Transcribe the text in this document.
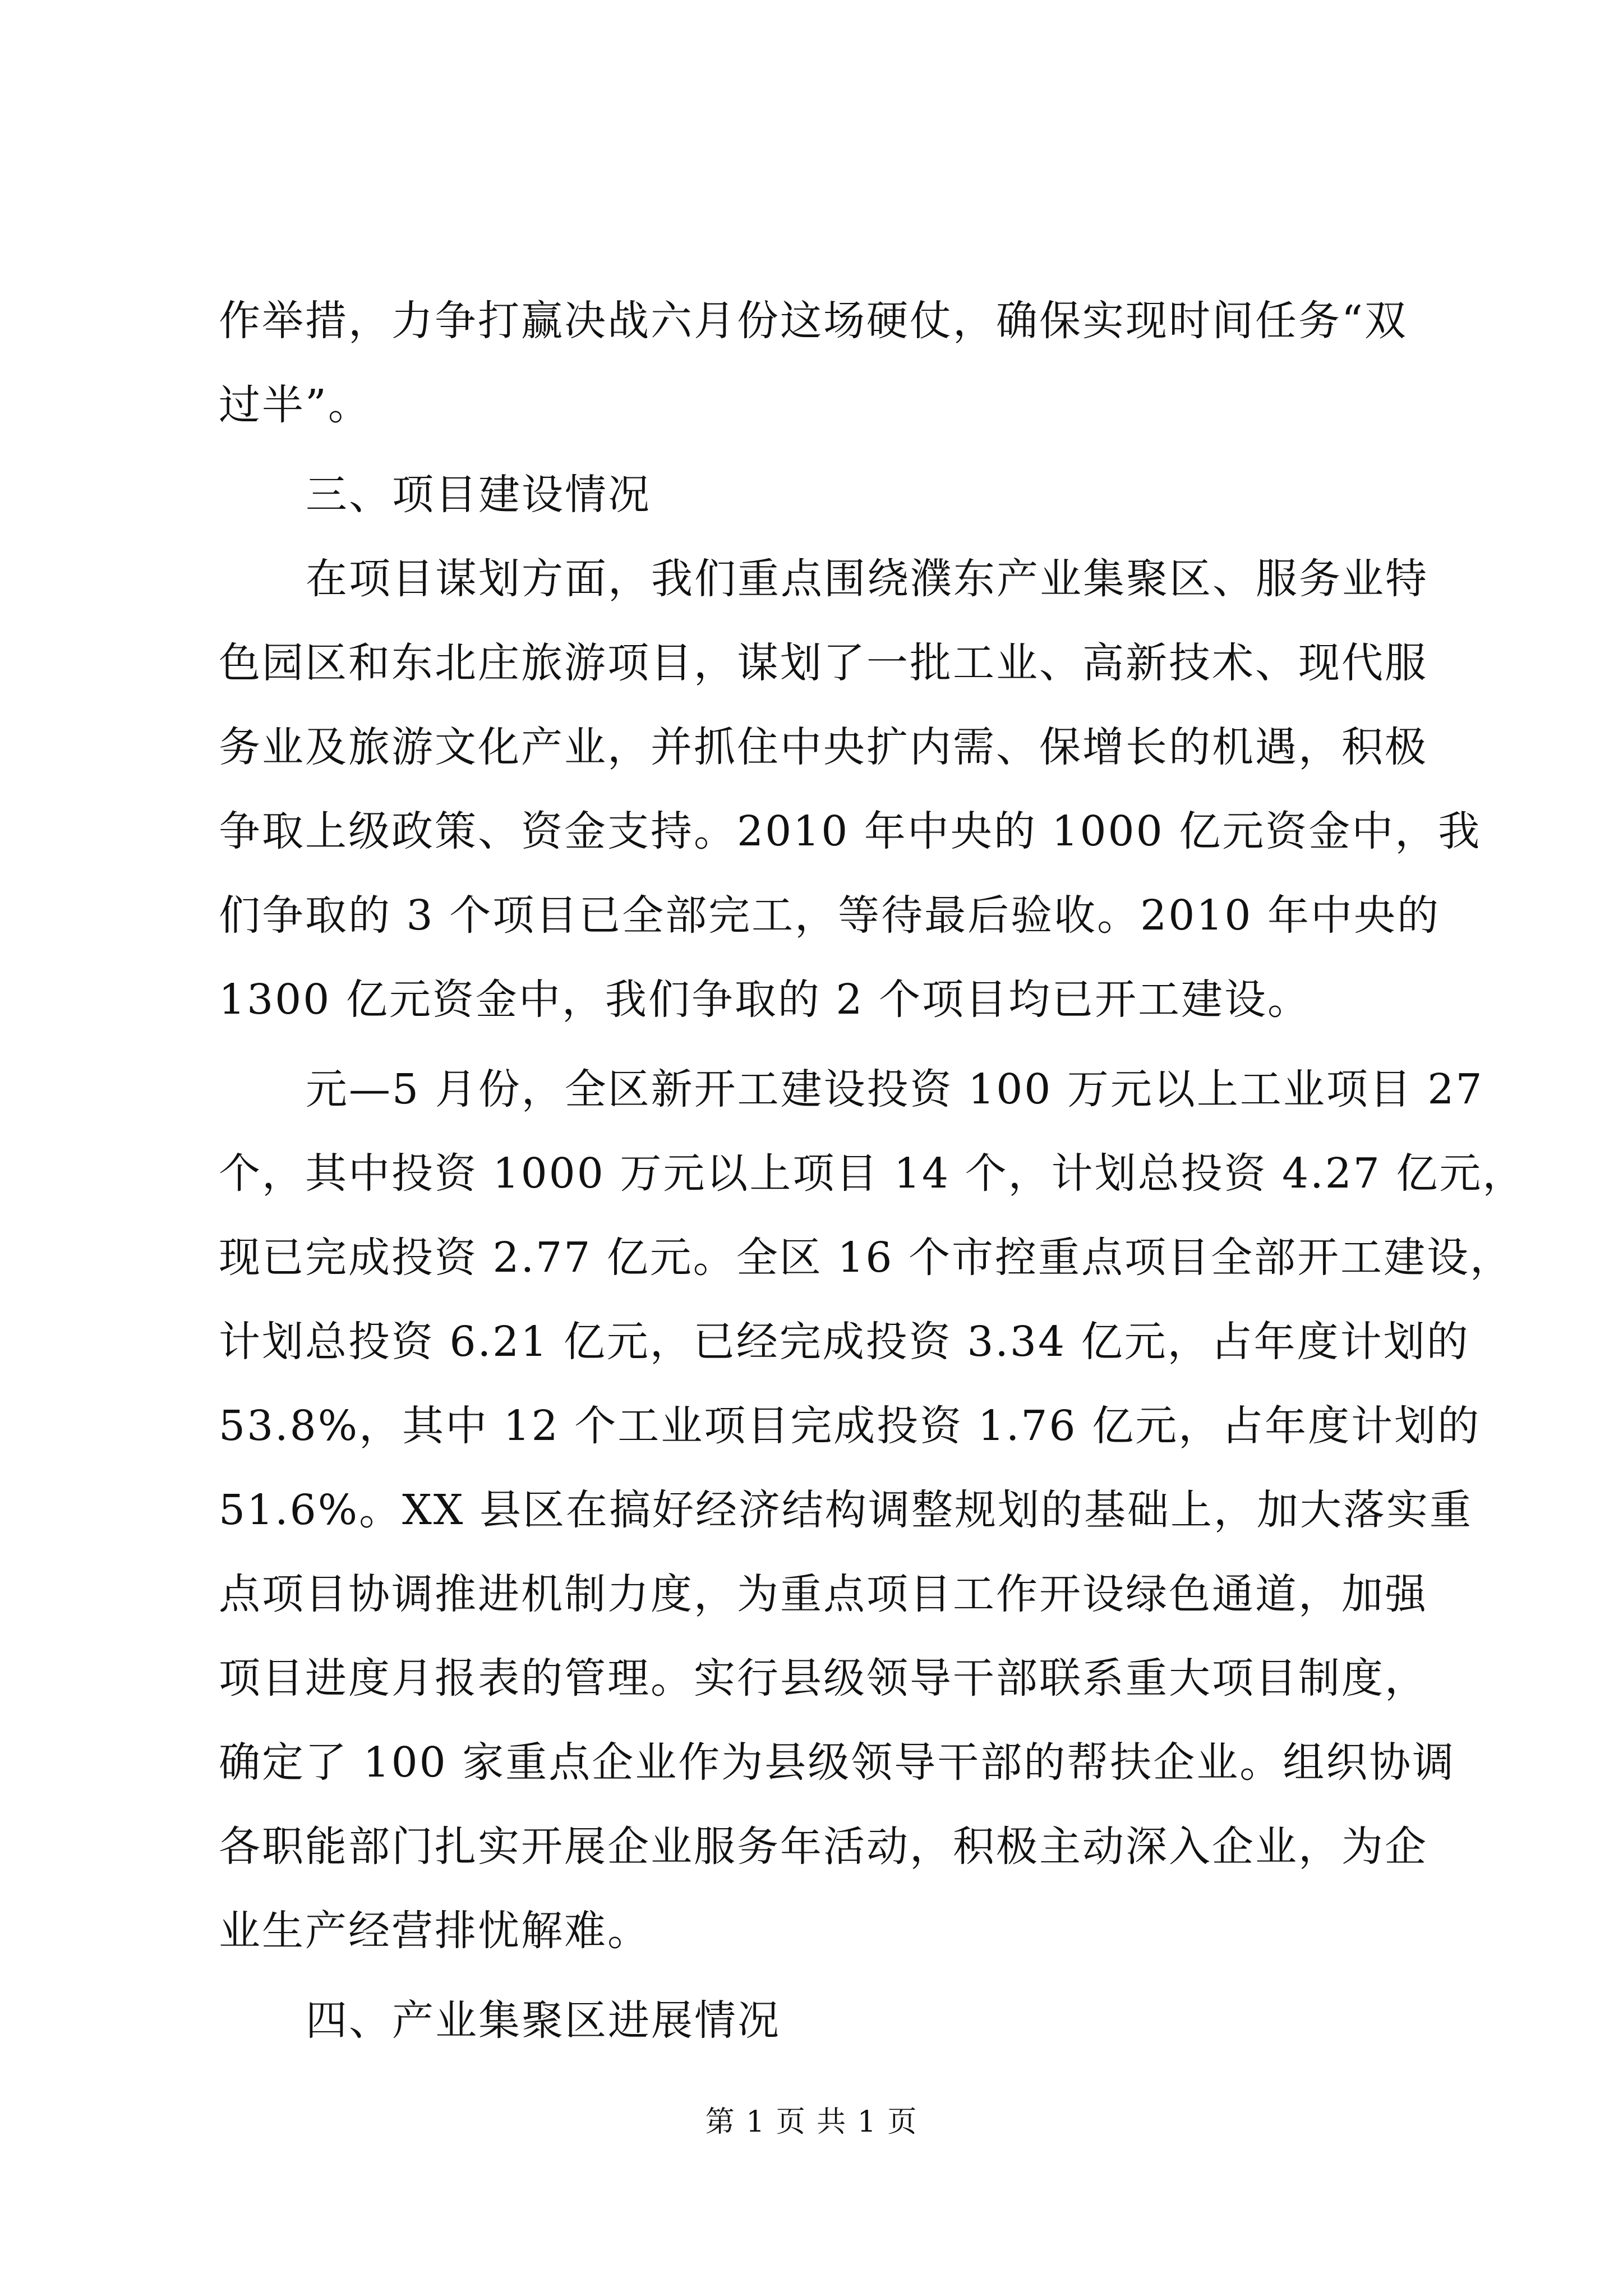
作举措，力争打赢决战六月份这场硬仗，确保实现时间任务“双
过半”。
三、项目建设情况
在项目谋划方面，我们重点围绕濮东产业集聚区、服务业特
色园区和东北庄旅游项目，谋划了一批工业、高新技术、现代服
务业及旅游文化产业，并抓住中央扩内需、保增长的机遇，积极
争取上级政策、资金支持。2010 年中央的 1000 亿元资金中，我
们争取的 3 个项目已全部完工，等待最后验收。2010 年中央的
1300 亿元资金中，我们争取的 2 个项目均已开工建设。
元—5 月份，全区新开工建设投资 100 万元以上工业项目 27
个，其中投资 1000 万元以上项目 14 个，计划总投资 4.27 亿元，
现已完成投资 2.77 亿元。全区 16 个市控重点项目全部开工建设，
计划总投资 6.21 亿元，已经完成投资 3.34 亿元，占年度计划的
53.8%，其中 12 个工业项目完成投资 1.76 亿元，占年度计划的
51.6%。XX 县区在搞好经济结构调整规划的基础上，加大落实重
点项目协调推进机制力度，为重点项目工作开设绿色通道，加强
项目进度月报表的管理。实行县级领导干部联系重大项目制度，
确定了 100 家重点企业作为县级领导干部的帮扶企业。组织协调
各职能部门扎实开展企业服务年活动，积极主动深入企业，为企
业生产经营排忧解难。
四、产业集聚区进展情况
第 1 页 共 1 页
